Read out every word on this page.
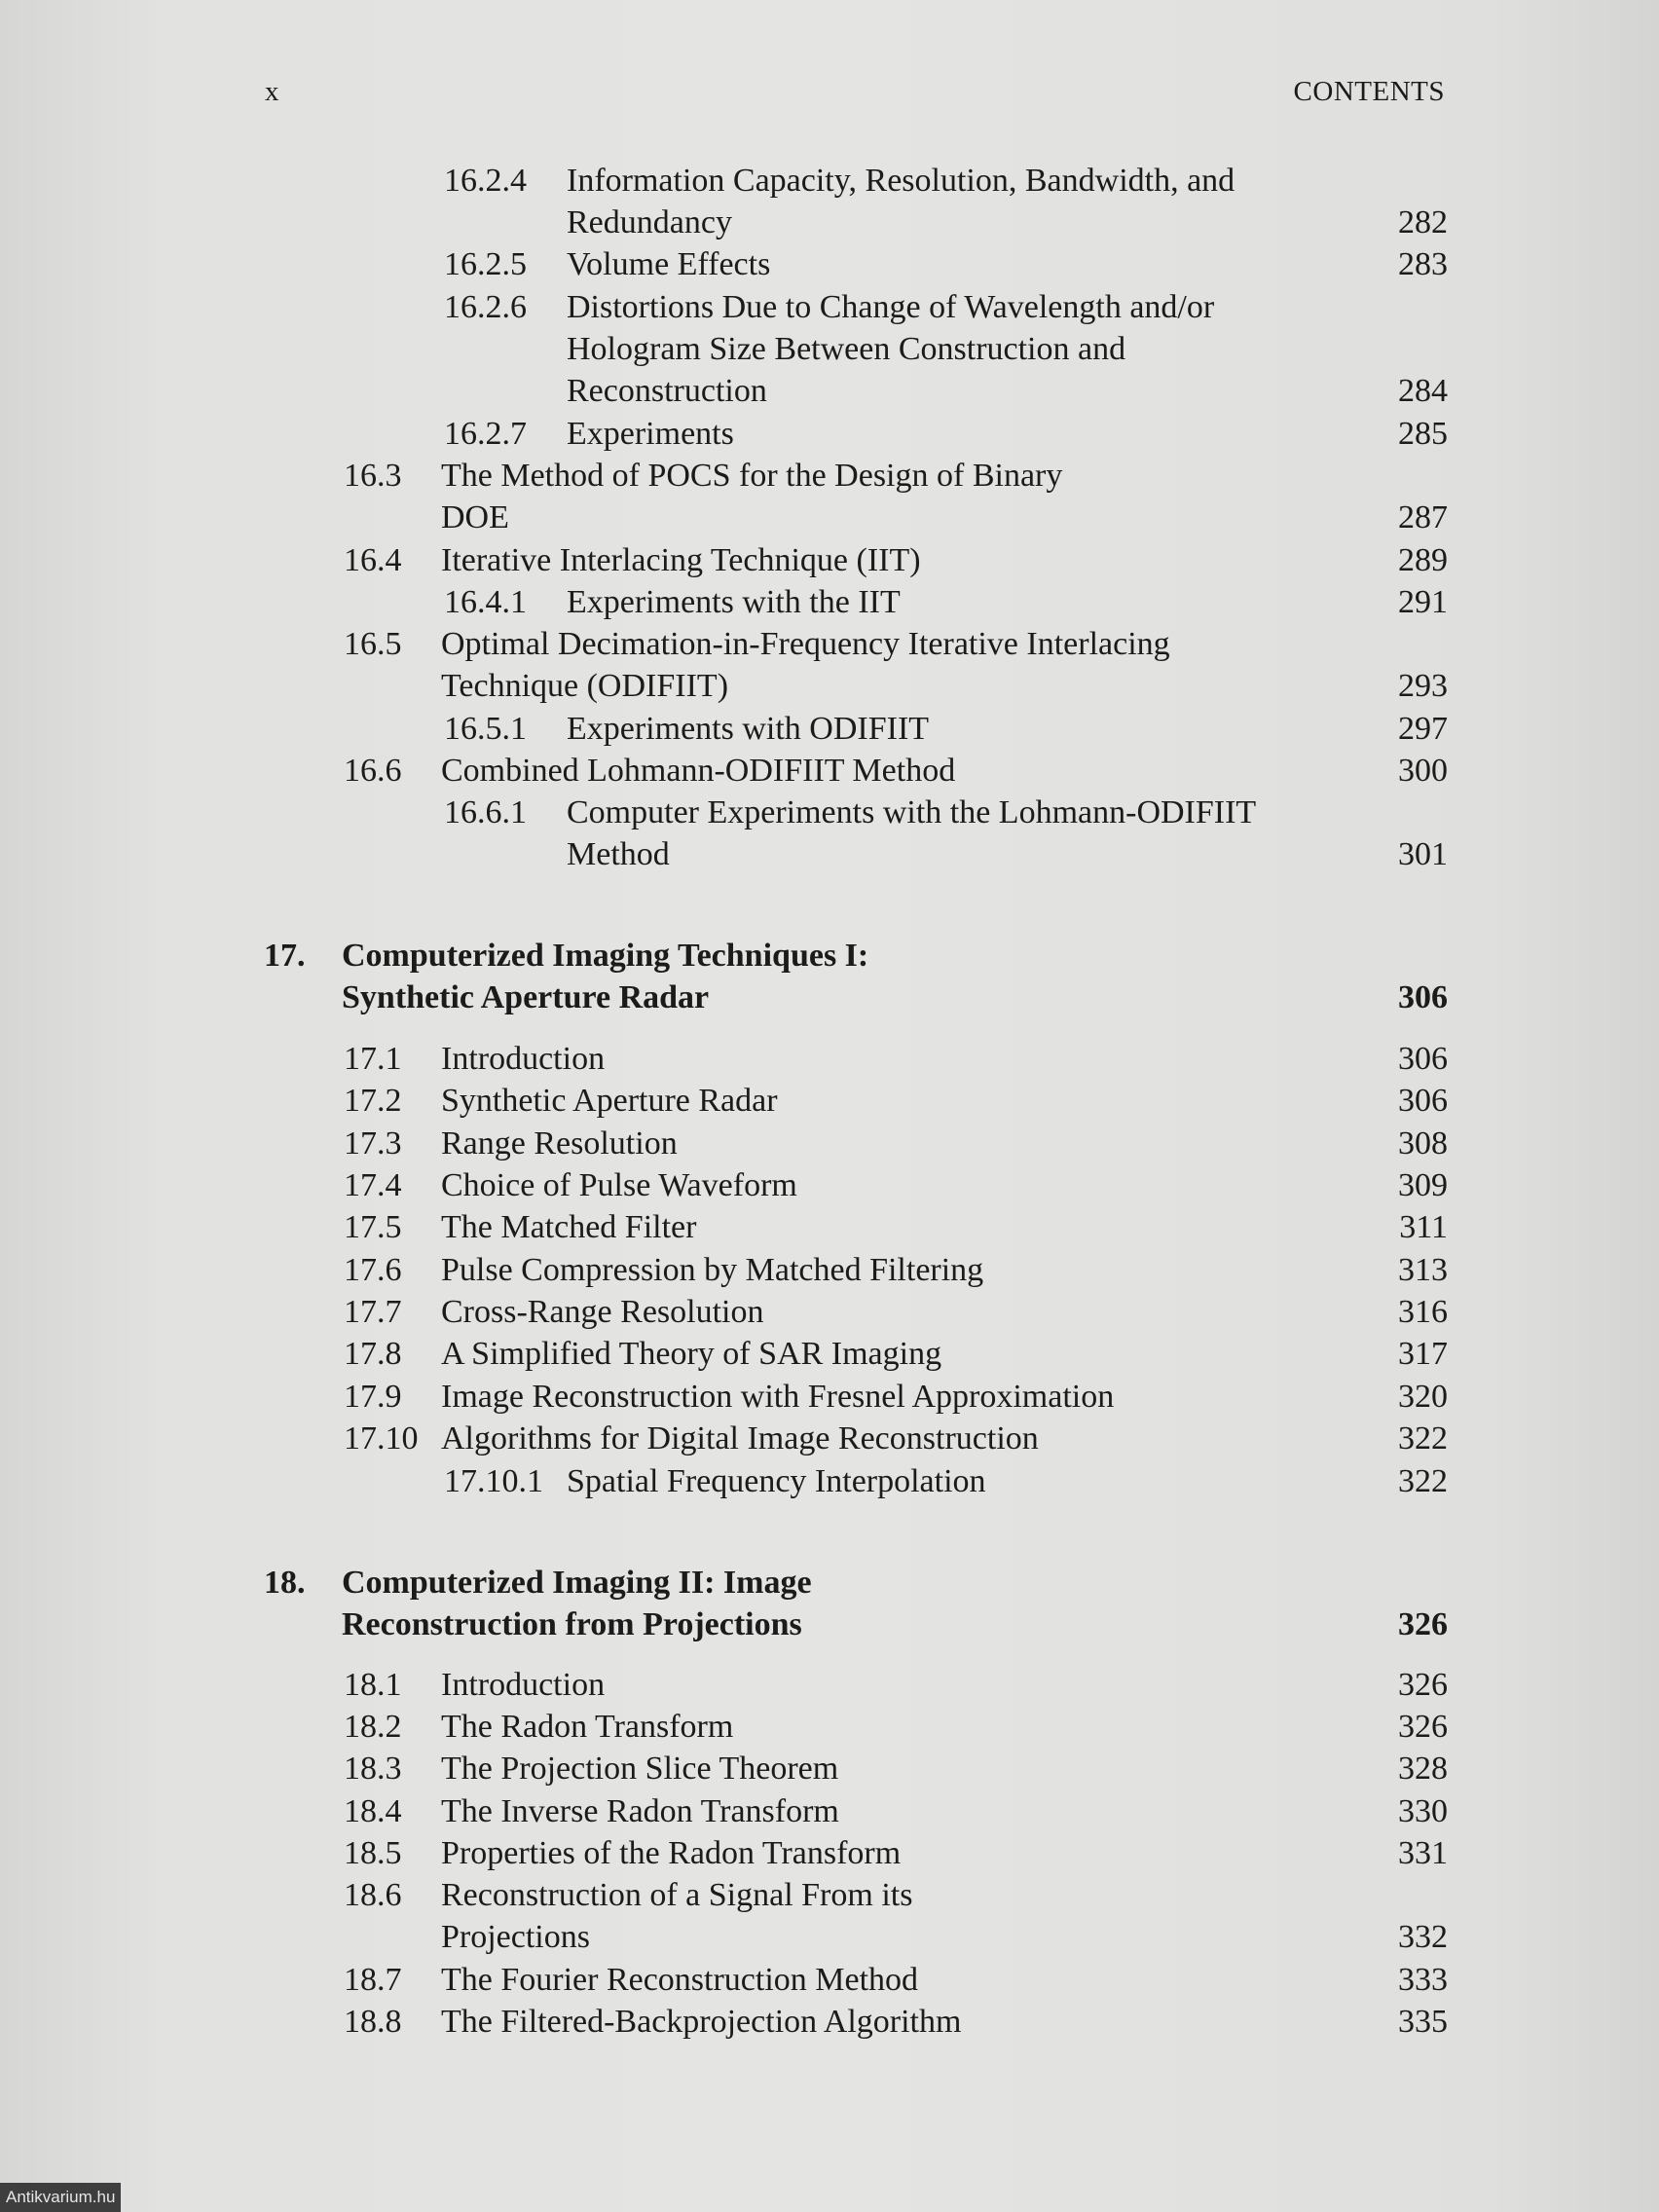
x	CONTENTS
16.2.4 Information Capacity, Resolution, Bandwidth, and
Redundancy	282
16.2.5 Volume Effects	283
16.2.6 Distortions Due to Change of Wavelength and/or
Hologram Size Between Construction and
Reconstruction	284
16.2.7 Experiments	285
16.3 The Method of POCS for the Design of Binary
DOE	287
16.4 Iterative Interlacing Technique (IIT)	289
16.4.1 Experiments with the IIT	291
16.5 Optimal Decimation-in-Frequency Iterative Interlacing
Technique (ODIFIIT)	293
16.5.1 Experiments with ODIFIIT	297
16.6 Combined Lohmann-ODIFIIT Method	300
16.6.1 Computer Experiments with the Lohmann-ODIFIIT
Method	301
17. Computerized Imaging Techniques I:
Synthetic Aperture Radar	306
17.1 Introduction	306
17.2 Synthetic Aperture Radar	306
17.3 Range Resolution	308
17.4 Choice of Pulse Waveform	309
17.5 The Matched Filter	311
17.6 Pulse Compression by Matched Filtering	313
17.7 Cross-Range Resolution	316
17.8 A Simplified Theory of SAR Imaging	317
17.9 Image Reconstruction with Fresnel Approximation	320
17.10 Algorithms for Digital Image Reconstruction	322
17.10.1 Spatial Frequency Interpolation	322
18. Computerized Imaging II: Image
Reconstruction from Projections	326
18.1 Introduction	326
18.2 The Radon Transform	326
18.3 The Projection Slice Theorem	328
18.4 The Inverse Radon Transform	330
18.5 Properties of the Radon Transform	331
18.6 Reconstruction of a Signal From its
Projections	332
18.7 The Fourier Reconstruction Method	333
18.8 The Filtered-Backprojection Algorithm	335
Antikvarium.hu
